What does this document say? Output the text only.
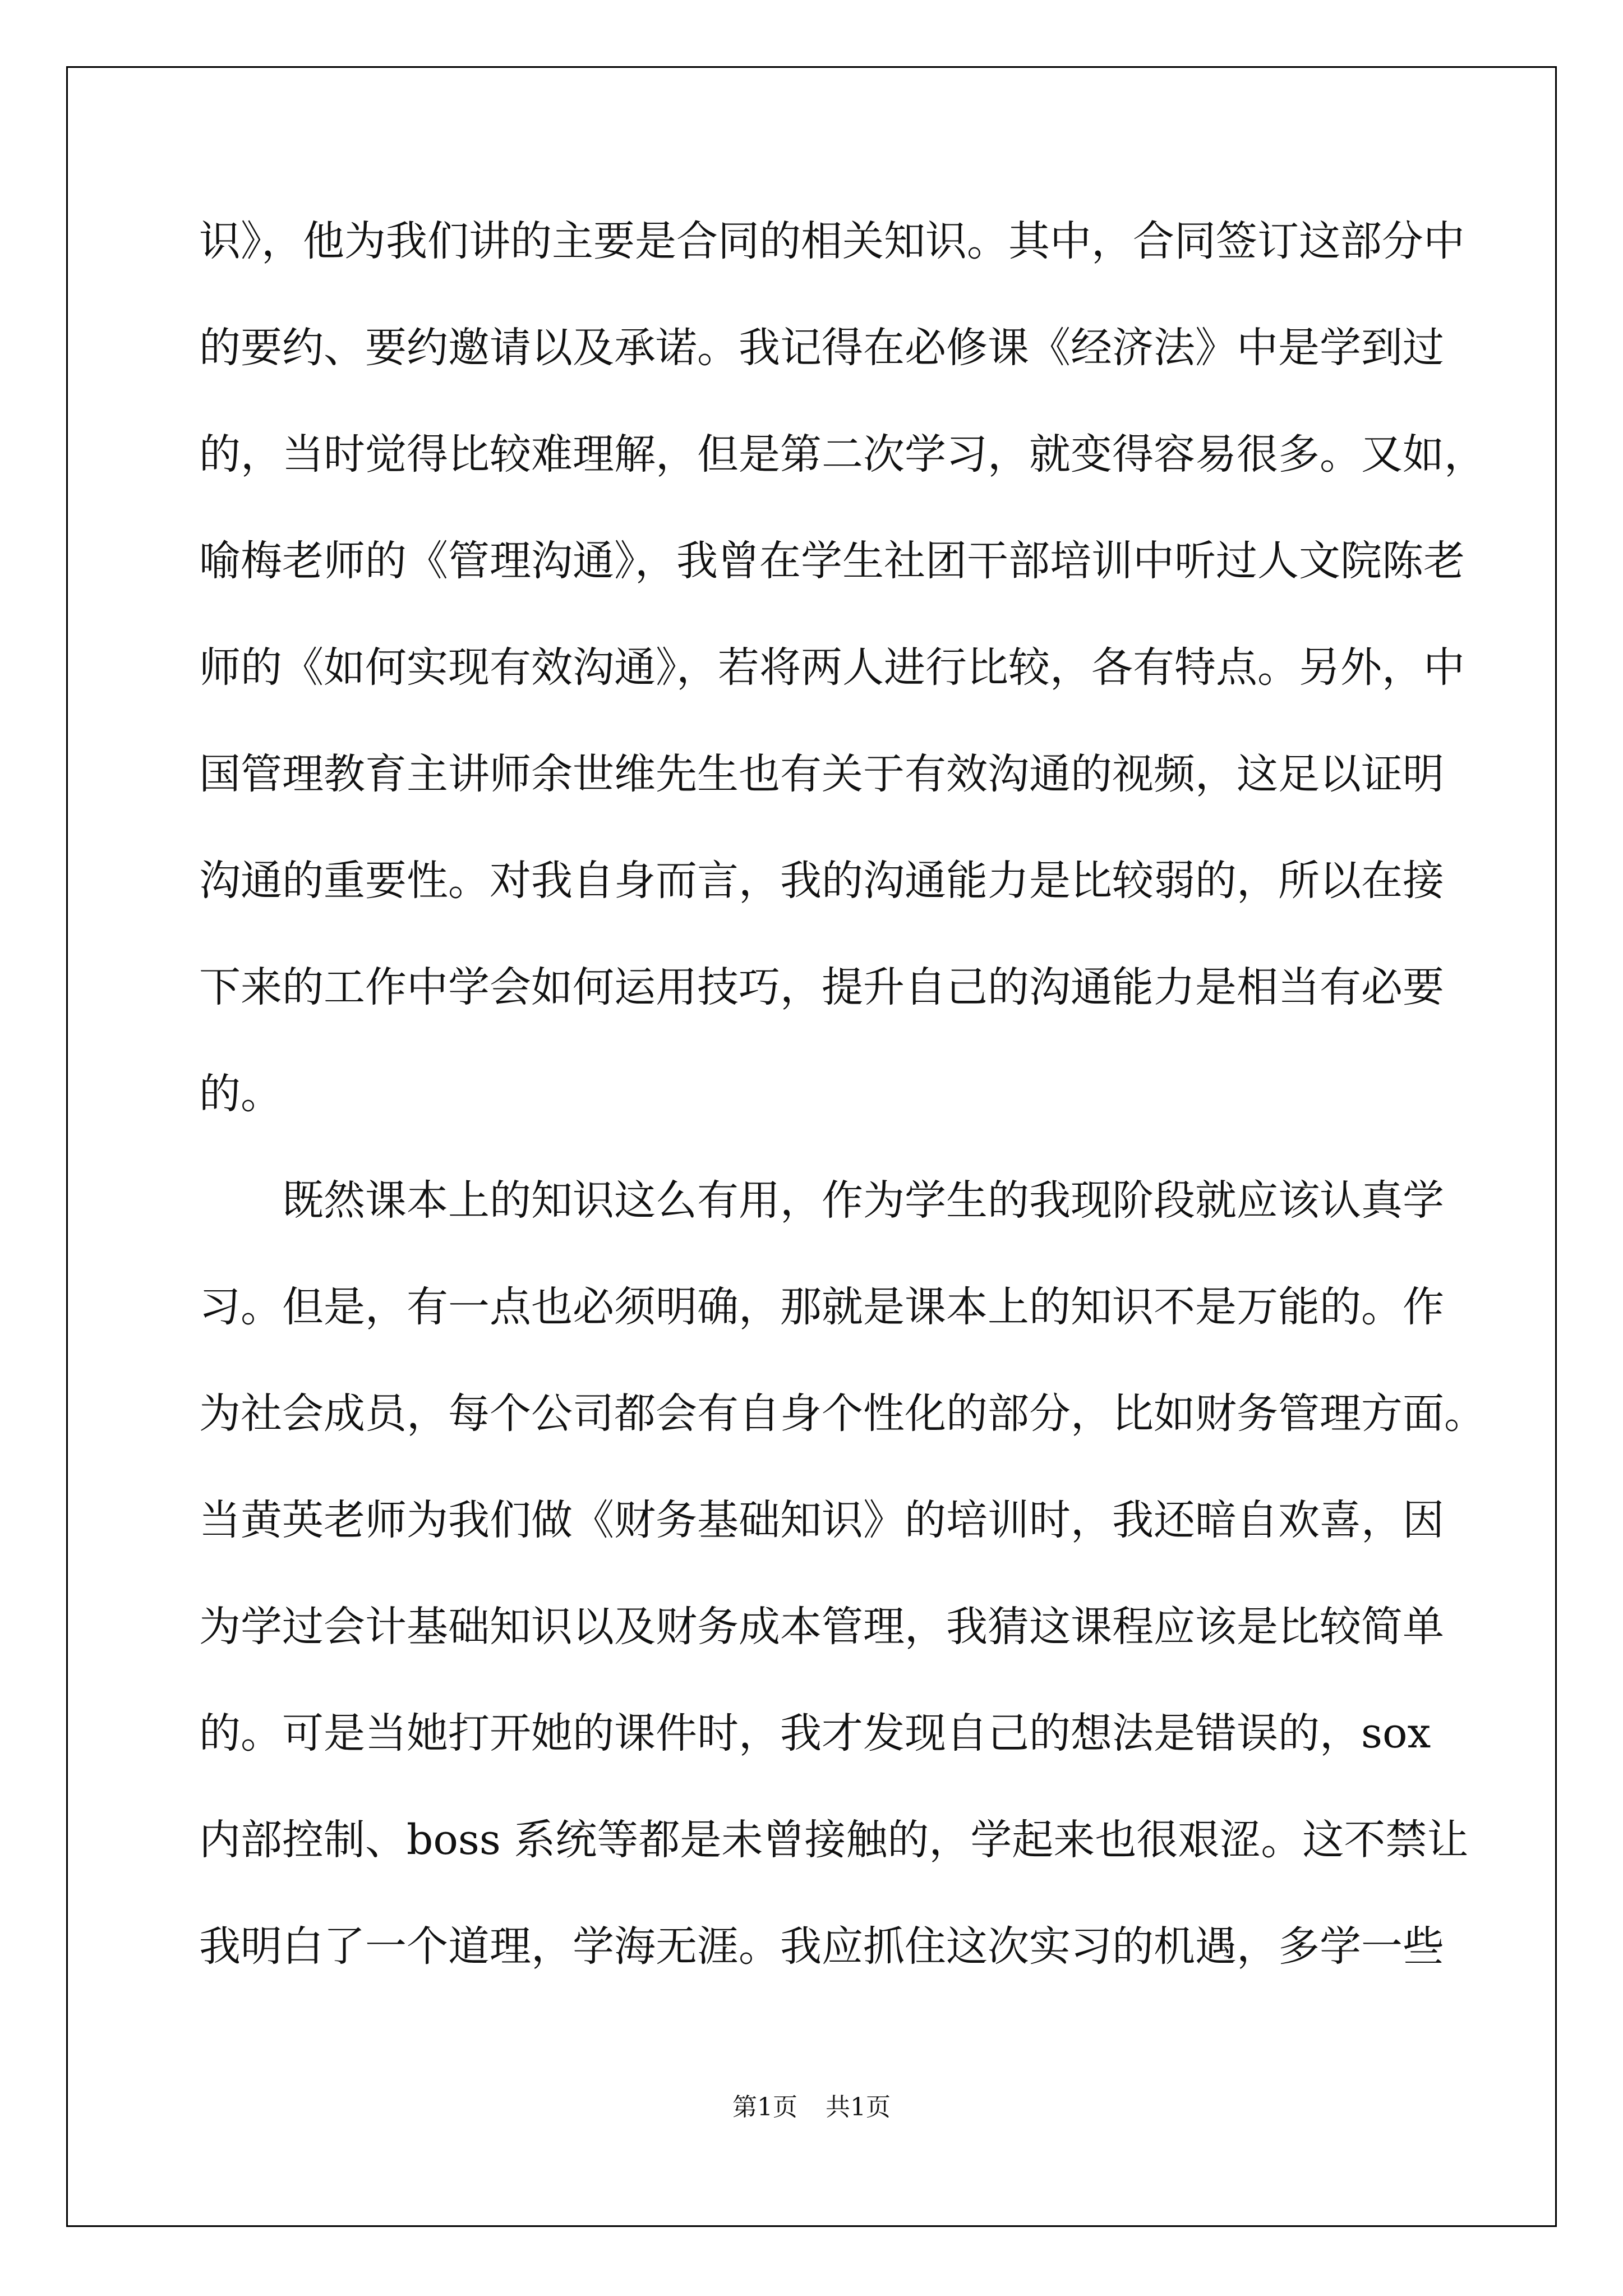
识》，他为我们讲的主要是合同的相关知识。其中，合同签订这部分中
的要约、要约邀请以及承诺。我记得在必修课《经济法》中是学到过
的，当时觉得比较难理解，但是第二次学习，就变得容易很多。又如，
喻梅老师的《管理沟通》，我曾在学生社团干部培训中听过人文院陈老
师的《如何实现有效沟通》，若将两人进行比较，各有特点。另外，中
国管理教育主讲师余世维先生也有关于有效沟通的视频，这足以证明
沟通的重要性。对我自身而言，我的沟通能力是比较弱的，所以在接
下来的工作中学会如何运用技巧，提升自己的沟通能力是相当有必要
的。
既然课本上的知识这么有用，作为学生的我现阶段就应该认真学
习。但是，有一点也必须明确，那就是课本上的知识不是万能的。作
为社会成员，每个公司都会有自身个性化的部分，比如财务管理方面。
当黄英老师为我们做《财务基础知识》的培训时，我还暗自欢喜，因
为学过会计基础知识以及财务成本管理，我猜这课程应该是比较简单
的。可是当她打开她的课件时，我才发现自己的想法是错误的，sox
内部控制、boss 系统等都是未曾接触的，学起来也很艰涩。这不禁让
我明白了一个道理，学海无涯。我应抓住这次实习的机遇，多学一些
第1页 共1页
